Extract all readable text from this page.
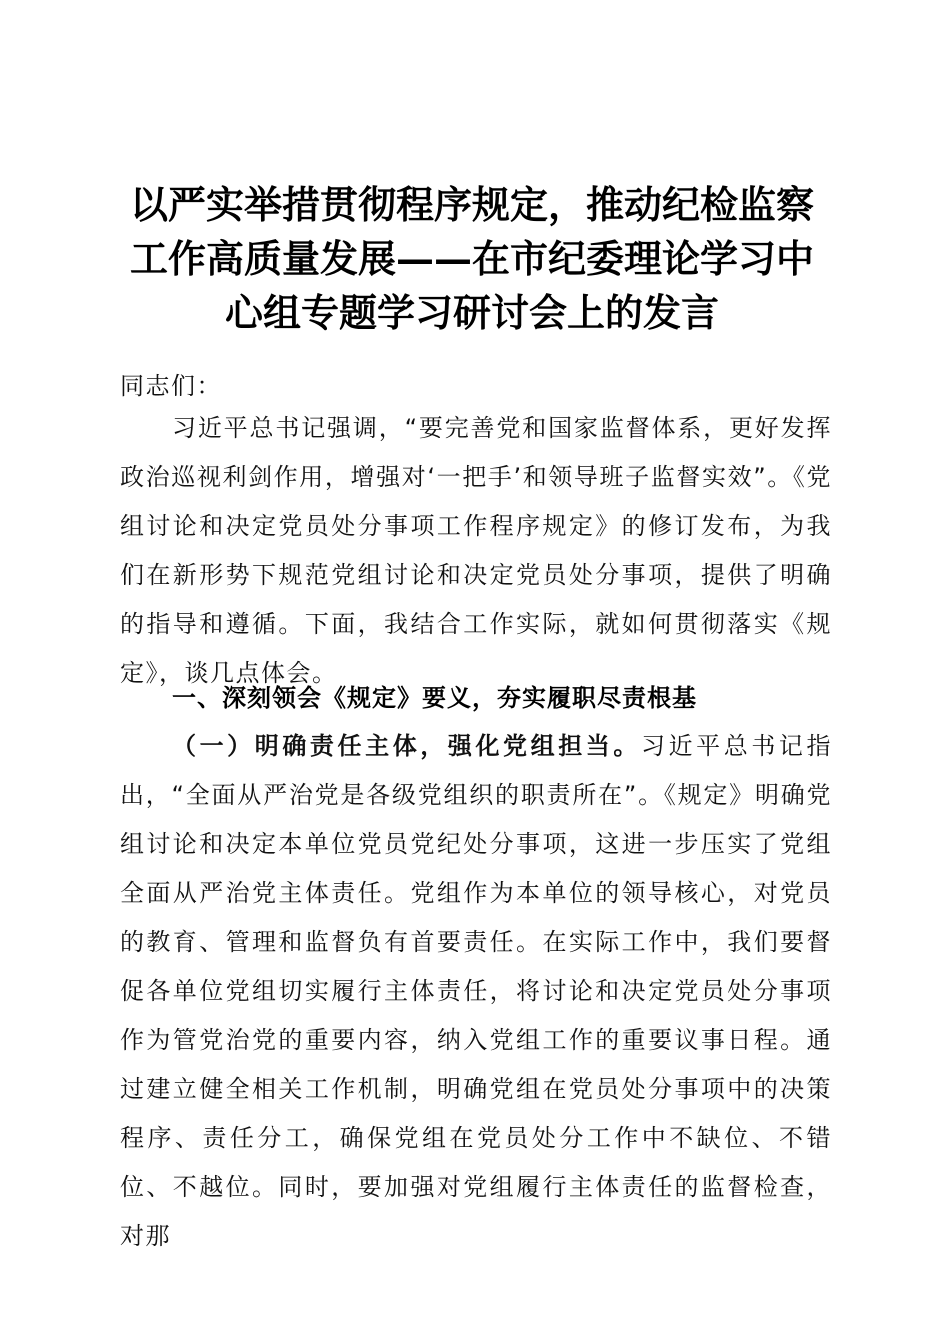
以严实举措贯彻程序规定，推动纪检监察工作高质量发展——在市纪委理论学习中心组专题学习研讨会上的发言
同志们：

习近平总书记强调，“要完善党和国家监督体系，更好发挥政治巡视利剑作用，增强对‘一把手’和领导班子监督实效”。《党组讨论和决定党员处分事项工作程序规定》的修订发布，为我们在新形势下规范党组讨论和决定党员处分事项，提供了明确的指导和遵循。下面，我结合工作实际，就如何贯彻落实《规定》，谈几点体会。

一、深刻领会《规定》要义，夯实履职尽责根基

（一）明确责任主体，强化党组担当。习近平总书记指出，“全面从严治党是各级党组织的职责所在”。《规定》明确党组讨论和决定本单位党员党纪处分事项，这进一步压实了党组全面从严治党主体责任。党组作为本单位的领导核心，对党员的教育、管理和监督负有首要责任。在实际工作中，我们要督促各单位党组切实履行主体责任，将讨论和决定党员处分事项作为管党治党的重要内容，纳入党组工作的重要议事日程。通过建立健全相关工作机制，明确党组在党员处分事项中的决策程序、责任分工，确保党组在党员处分工作中不缺位、不错位、不越位。同时，要加强对党组履行主体责任的监督检查，对那
